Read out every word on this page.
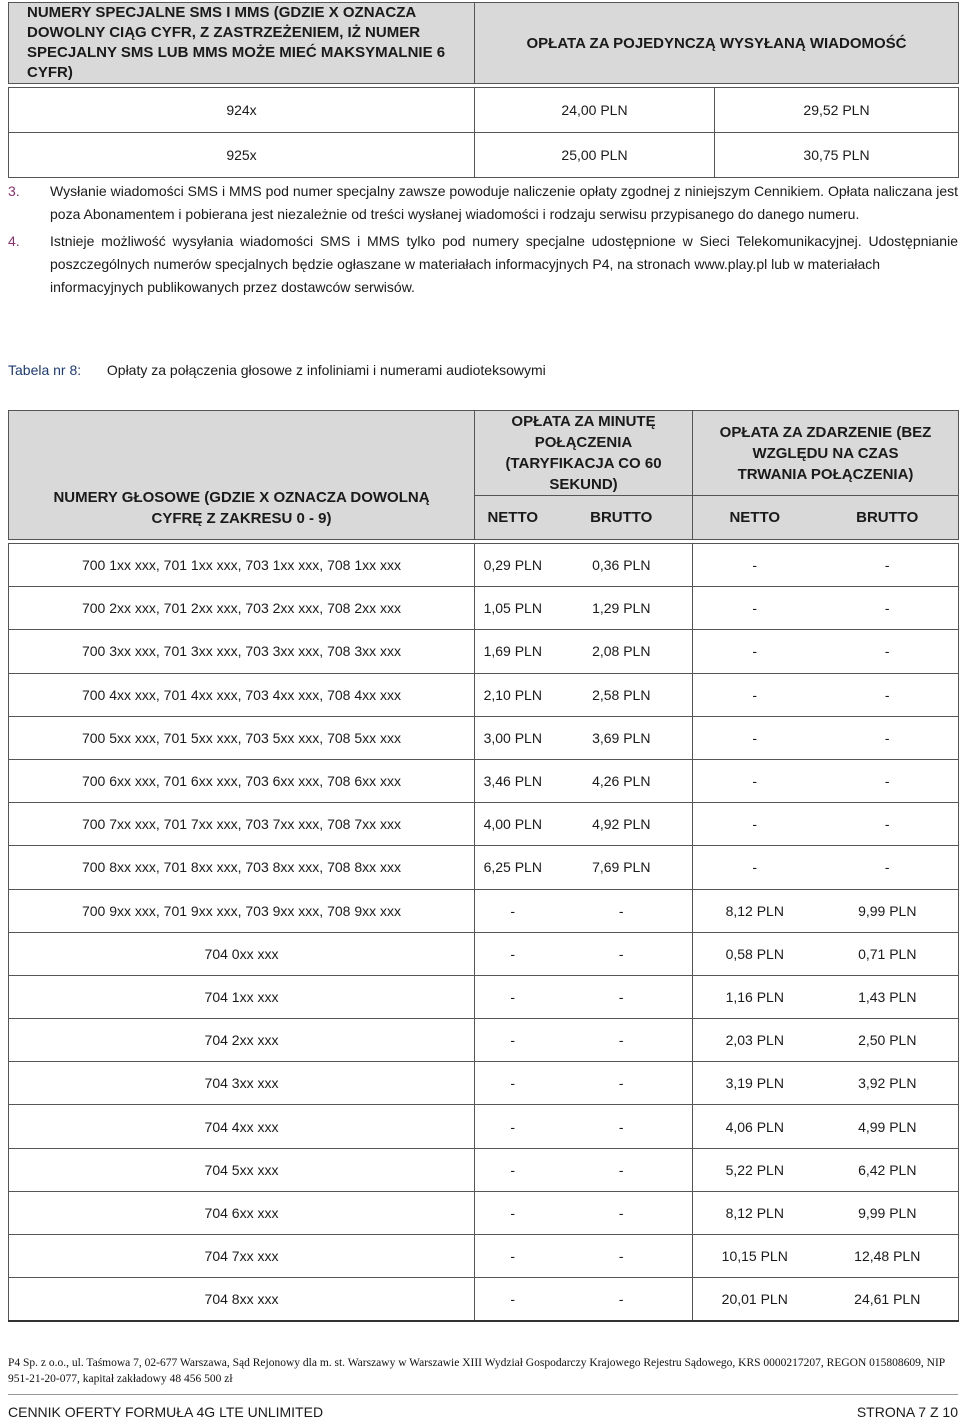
NUMERY SPECJALNE SMS I MMS (GDZIE X OZNACZA DOWOLNY CIĄG CYFR, Z ZASTRZEŻENIEM, IŻ NUMER SPECJALNY SMS LUB MMS MOŻE MIEĆ MAKSYMALNIE 6 CYFR)	OPŁATA ZA POJEDYNCZĄ WYSYŁANĄ WIADOMOŚĆ	

924x	24,00 PLN	29,52 PLN
925x	25,00 PLN	30,75 PLN
3. Wysłanie wiadomości SMS i MMS pod numer specjalny zawsze powoduje naliczenie opłaty zgodnej z niniejszym Cennikiem. Opłata naliczana jest poza Abonamentem i pobierana jest niezależnie od treści wysłanej wiadomości i rodzaju serwisu przypisanego do danego numeru.
4. Istnieje możliwość wysyłania wiadomości SMS i MMS tylko pod numery specjalne udostępnione w Sieci Telekomunikacyjnej. Udostępnianie poszczególnych numerów specjalnych będzie ogłaszane w materiałach informacyjnych P4, na stronach www.play.pl lub w materiałach
informacyjnych publikowanych przez dostawców serwisów.
Tabela nr 8: Opłaty za połączenia głosowe z infoliniami i numerami audioteksowymi
NUMERY GŁOSOWE (GDZIE X OZNACZA DOWOLNĄ CYFRĘ Z ZAKRESU 0 - 9)	OPŁATA ZA MINUTĘ POŁĄCZENIA (TARYFIKACJA CO 60 SEKUND)		OPŁATA ZA ZDARZENIE (BEZ WZGLĘDU NA CZAS TRWANIA POŁĄCZENIA)	
	NETTO	BRUTTO	NETTO	BRUTTO

700 1xx xxx, 701 1xx xxx, 703 1xx xxx, 708 1xx xxx	0,29 PLN	0,36 PLN	-	-
700 2xx xxx, 701 2xx xxx, 703 2xx xxx, 708 2xx xxx	1,05 PLN	1,29 PLN	-	-
700 3xx xxx, 701 3xx xxx, 703 3xx xxx, 708 3xx xxx	1,69 PLN	2,08 PLN	-	-
700 4xx xxx, 701 4xx xxx, 703 4xx xxx, 708 4xx xxx	2,10 PLN	2,58 PLN	-	-
700 5xx xxx, 701 5xx xxx, 703 5xx xxx, 708 5xx xxx	3,00 PLN	3,69 PLN	-	-
700 6xx xxx, 701 6xx xxx, 703 6xx xxx, 708 6xx xxx	3,46 PLN	4,26 PLN	-	-
700 7xx xxx, 701 7xx xxx, 703 7xx xxx, 708 7xx xxx	4,00 PLN	4,92 PLN	-	-
700 8xx xxx, 701 8xx xxx, 703 8xx xxx, 708 8xx xxx	6,25 PLN	7,69 PLN	-	-
700 9xx xxx, 701 9xx xxx, 703 9xx xxx, 708 9xx xxx	-	-	8,12 PLN	9,99 PLN
704 0xx xxx	-	-	0,58 PLN	0,71 PLN
704 1xx xxx	-	-	1,16 PLN	1,43 PLN
704 2xx xxx	-	-	2,03 PLN	2,50 PLN
704 3xx xxx	-	-	3,19 PLN	3,92 PLN
704 4xx xxx	-	-	4,06 PLN	4,99 PLN
704 5xx xxx	-	-	5,22 PLN	6,42 PLN
704 6xx xxx	-	-	8,12 PLN	9,99 PLN
704 7xx xxx	-	-	10,15 PLN	12,48 PLN
704 8xx xxx	-	-	20,01 PLN	24,61 PLN
P4 Sp. z o.o., ul. Taśmowa 7, 02-677 Warszawa, Sąd Rejonowy dla m. st. Warszawy w Warszawie XIII Wydział Gospodarczy Krajowego Rejestru Sądowego, KRS 0000217207, REGON 015808609, NIP 951-21-20-077, kapitał zakładowy 48 456 500 zł
CENNIK OFERTY FORMUŁA 4G LTE UNLIMITED	STRONA 7 Z 10
